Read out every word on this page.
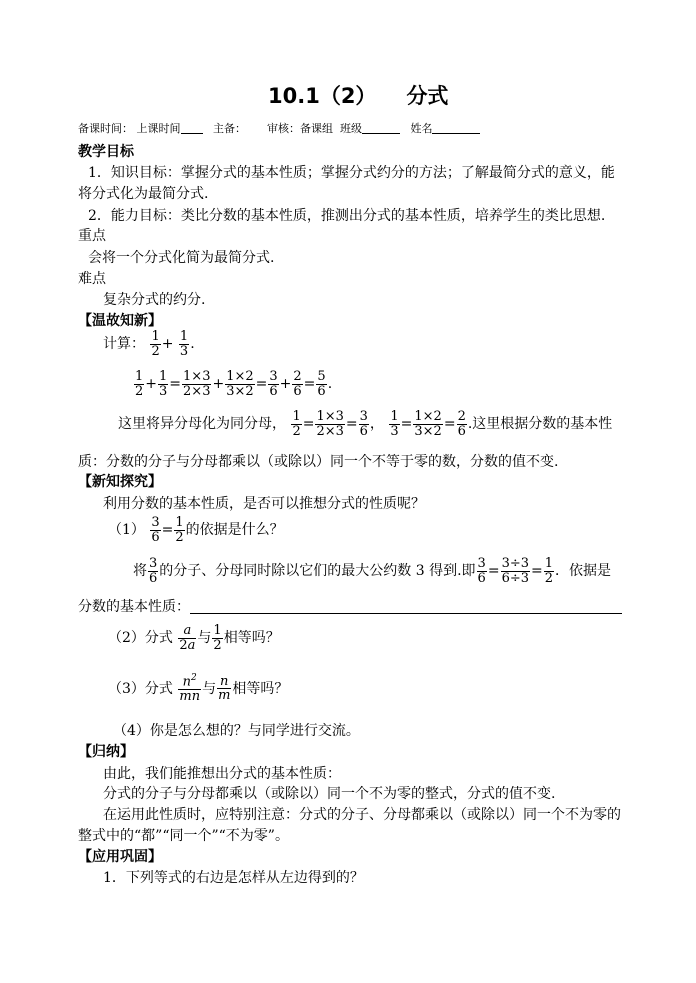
10.1（2） 分式
备课时间： 上课时间	主备： 审核：备课组 班级	姓名
教学目标
1．知识目标：掌握分式的基本性质；掌握分式约分的方法；了解最简分式的意义，能
将分式化为最简分式.
2．能力目标：类比分数的基本性质，推测出分式的基本性质，培养学生的类比思想.
重点
会将一个分式化简为最简分式.
难点
复杂分式的约分.
【温故知新】
计算： $\frac{1}{2} + \frac{1}{3}$ .
$\frac{1}{2} + \frac{1}{3} = \frac{1\times 3}{2\times 3} + \frac{1\times 2}{3\times 2} = \frac{3}{6} + \frac{2}{6} = \frac{5}{6}$ .
这里将异分母化为同分母， $\frac{1}{2} = \frac{1\times 3}{2\times 3} = \frac{3}{6}$ ， $\frac{1}{3} = \frac{1\times 2}{3\times 2} = \frac{2}{6}$ .这里根据分数的基本性
质：分数的分子与分母都乘以（或除以）同一个不等于零的数，分数的值不变.
【新知探究】
利用分数的基本性质，是否可以推想分式的性质呢？
$(1) \frac{3}{6} = \frac{1}{2}$ 的依据是什么？
将 $\frac{3}{6}$ 的分子、分母同时除以它们的最大公约数 3 得到.即 $\frac{3}{6} = \frac{3\div 3}{6\div 3} = \frac{1}{2}$ ．依据是
分数的基本性质：
（2）分式 $\frac{a}{2a}$ 与 $\frac{1}{2}$ 相等吗？
（3）分式 $\frac{n^2}{mn}$ 与 $\frac{n}{m}$ 相等吗？
（4）你是怎么想的？与同学进行交流。
【归纳】
由此，我们能推想出分式的基本性质：
分式的分子与分母都乘以（或除以）同一个不为零的整式，分式的值不变.
在运用此性质时，应特别注意：分式的分子、分母都乘以（或除以）同一个不为零的
整式中的“都”“同一个”“不为零”。
【应用巩固】
1．下列等式的右边是怎样从左边得到的？
